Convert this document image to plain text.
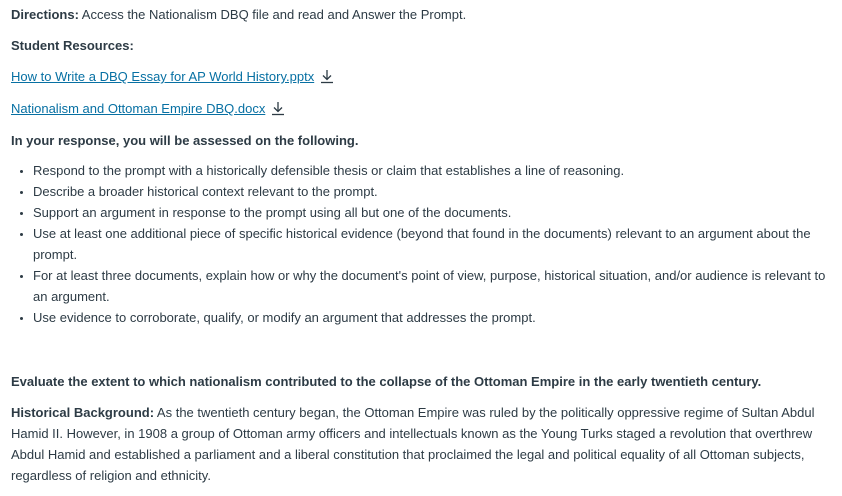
Directions: Access the Nationalism DBQ file and read and Answer the Prompt.

Student Resources:

How to Write a DBQ Essay for AP World History.pptx
Nationalism and Ottoman Empire DBQ.docx

In your response, you will be assessed on the following.

• Respond to the prompt with a historically defensible thesis or claim that establishes a line of reasoning.
• Describe a broader historical context relevant to the prompt.
• Support an argument in response to the prompt using all but one of the documents.
• Use at least one additional piece of specific historical evidence (beyond that found in the documents) relevant to an argument about the prompt.
• For at least three documents, explain how or why the document's point of view, purpose, historical situation, and/or audience is relevant to an argument.
• Use evidence to corroborate, qualify, or modify an argument that addresses the prompt.

Evaluate the extent to which nationalism contributed to the collapse of the Ottoman Empire in the early twentieth century.

Historical Background: As the twentieth century began, the Ottoman Empire was ruled by the politically oppressive regime of Sultan Abdul Hamid II. However, in 1908 a group of Ottoman army officers and intellectuals known as the Young Turks staged a revolution that overthrew Abdul Hamid and established a parliament and a liberal constitution that proclaimed the legal and political equality of all Ottoman subjects, regardless of religion and ethnicity.
